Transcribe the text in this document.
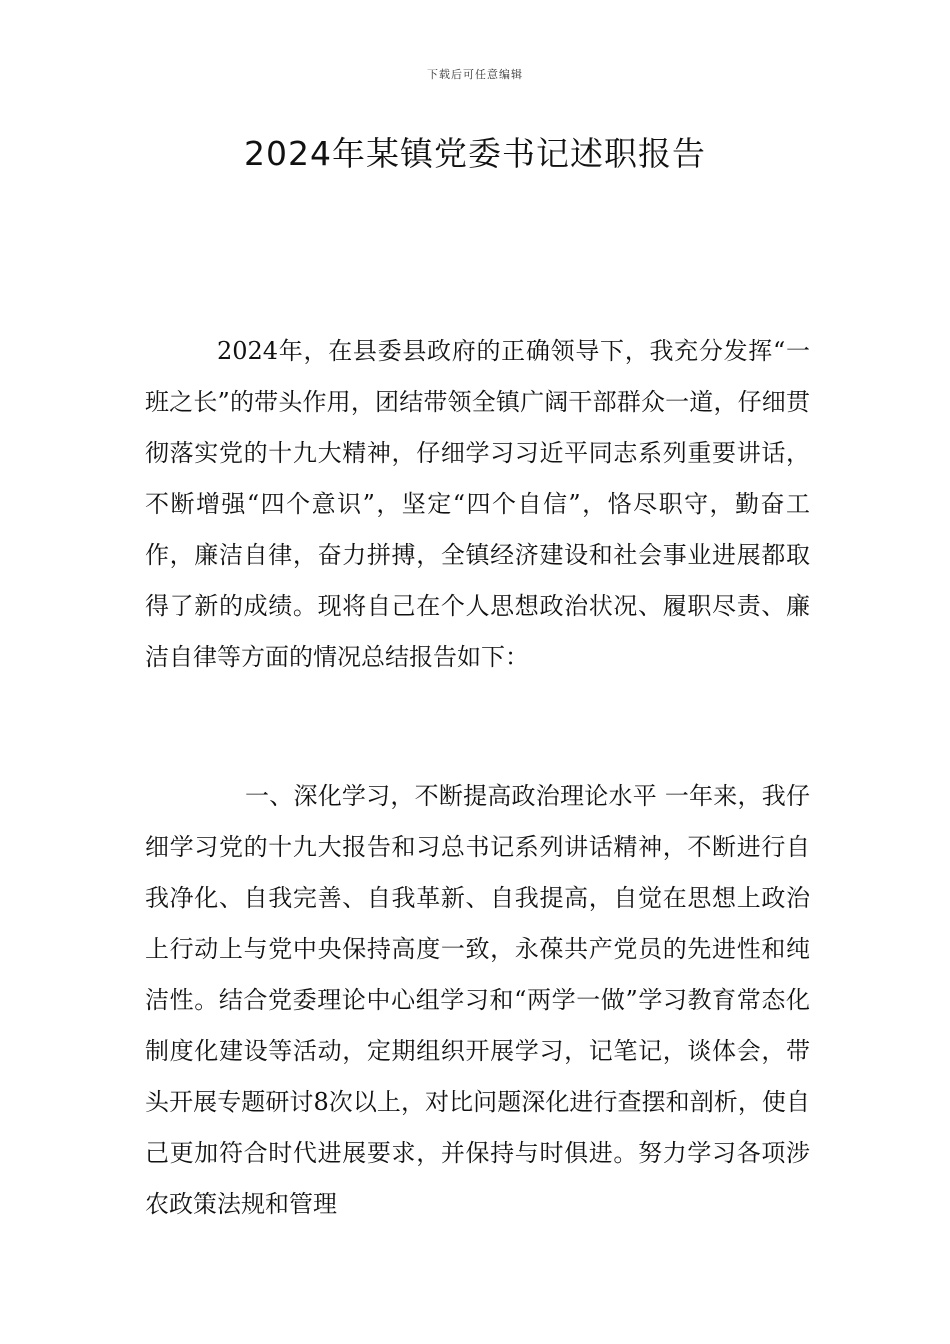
下载后可任意编辑
2024年某镇党委书记述职报告

2024年，在县委县政府的正确领导下，我充分发挥“一班之长”的带头作用，团结带领全镇广阔干部群众一道，仔细贯彻落实党的十九大精神，仔细学习习近平同志系列重要讲话，不断增强“四个意识”，坚定“四个自信”，恪尽职守，勤奋工作，廉洁自律，奋力拼搏，全镇经济建设和社会事业进展都取得了新的成绩。现将自己在个人思想政治状况、履职尽责、廉洁自律等方面的情况总结报告如下：

一、深化学习，不断提高政治理论水平 一年来，我仔细学习党的十九大报告和习总书记系列讲话精神，不断进行自我净化、自我完善、自我革新、自我提高，自觉在思想上政治上行动上与党中央保持高度一致，永葆共产党员的先进性和纯洁性。结合党委理论中心组学习和“两学一做”学习教育常态化制度化建设等活动，定期组织开展学习，记笔记，谈体会，带头开展专题研讨8次以上，对比问题深化进行查摆和剖析，使自己更加符合时代进展要求，并保持与时俱进。努力学习各项涉农政策法规和管理
